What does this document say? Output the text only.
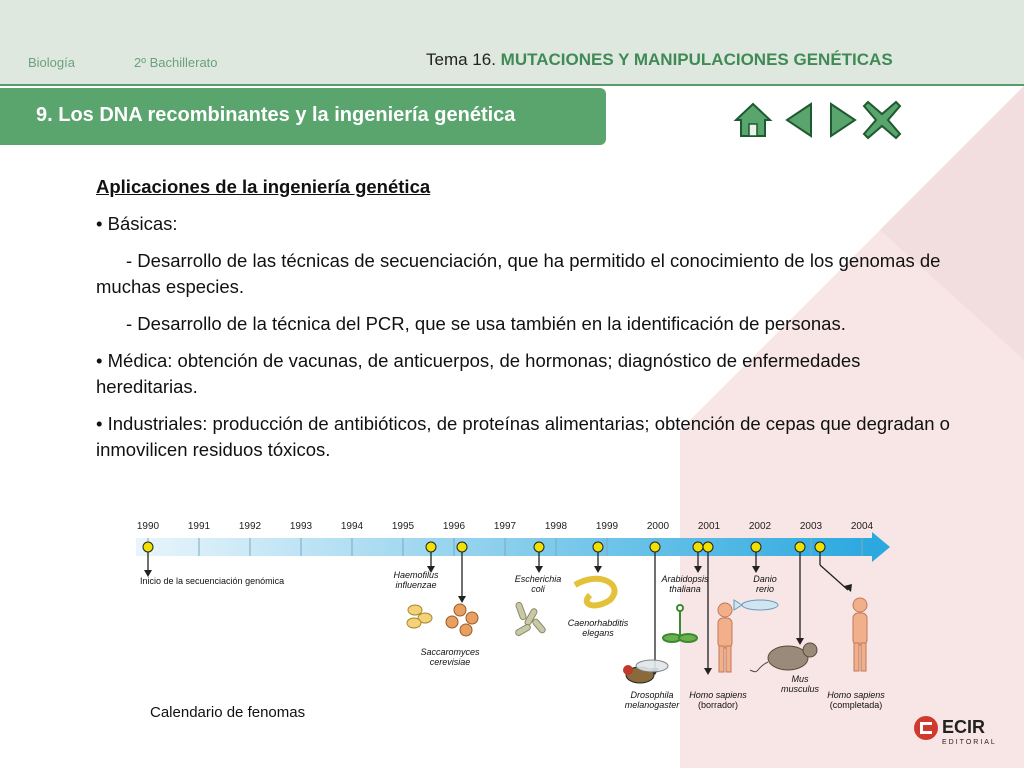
Biología	2º Bachillerato	Tema 16. MUTACIONES Y MANIPULACIONES GENÉTICAS
9. Los DNA recombinantes y la ingeniería genética

Aplicaciones de la ingeniería genética

• Básicas:

- Desarrollo de las técnicas de secuenciación, que ha permitido el conocimiento de los genomas de muchas especies.

- Desarrollo de la técnica del PCR, que se usa también en la identificación de personas.

• Médica: obtención de vacunas, de anticuerpos, de hormonas; diagnóstico de enfermedades hereditarias.

• Industriales: producción de antibióticos, de proteínas alimentarias; obtención de cepas que degradan o inmovilicen residuos tóxicos.

1990	1991	1992	1993	1994	1995	1996	1997	1998	1999	2000	2001	2002	2003	2004
Inicio de la secuenciación genómica
Haemofilus
influenzae
Saccaromyces
cerevisiae
Escherichia
coli
Caenorhabditis
elegans
Drosophila
melanogaster
Arabidopsis
thaliana
Homo sapiens
(borrador)
Danio
rerio
Mus
musculus
Homo sapiens
(completada)
Calendario de fenomas
ECIR
EDITORIAL
